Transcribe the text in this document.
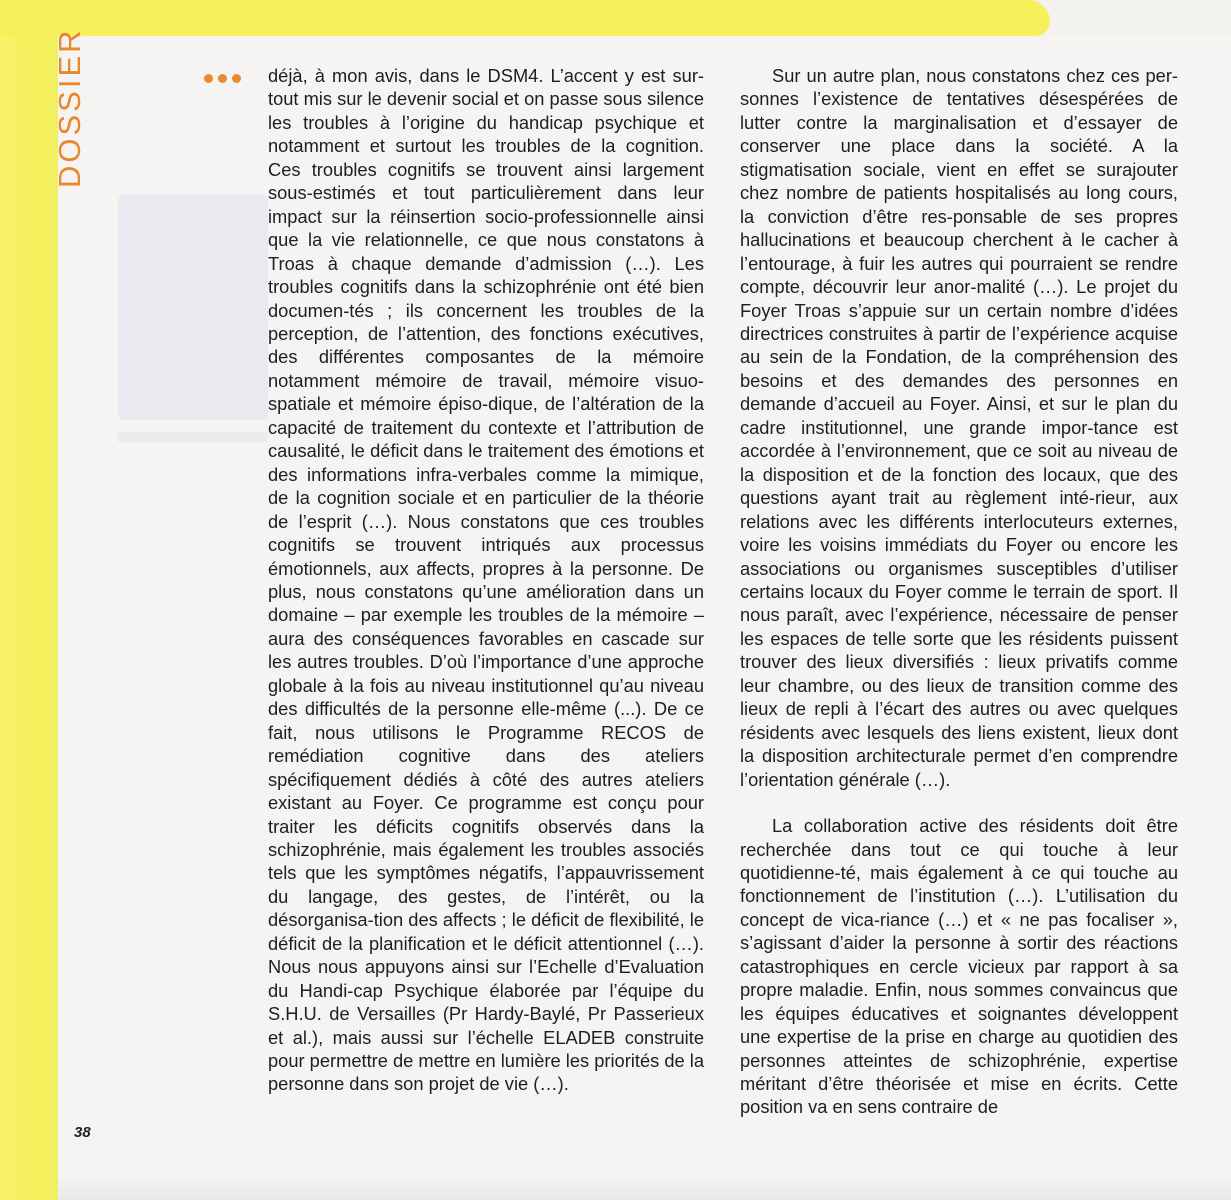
DOSSIER	déjà, à mon avis, dans le DSM4. L’accent y est sur-tout mis sur le devenir social et on passe sous silence les troubles à l’origine du handicap psychique et notamment et surtout les troubles de la cognition. Ces troubles cognitifs se trouvent ainsi largement sous-estimés et tout particulièrement dans leur impact sur la réinsertion socio-professionnelle ainsi que la vie relationnelle, ce que nous constatons à Troas à chaque demande d’admission (…). Les troubles cognitifs dans la schizophrénie ont été bien documen-tés ; ils concernent les troubles de la perception, de l’attention, des fonctions exécutives, des différentes composantes de la mémoire notamment mémoire de travail, mémoire visuo-spatiale et mémoire épiso-dique, de l’altération de la capacité de traitement du contexte et l’attribution de causalité, le déficit dans le traitement des émotions et des informations infra-verbales comme la mimique, de la cognition sociale et en particulier de la théorie de l’esprit (…). Nous constatons que ces troubles cognitifs se trouvent intriqués aux processus émotionnels, aux affects, propres à la personne. De plus, nous constatons qu’une amélioration dans un domaine – par exemple les troubles de la mémoire – aura des conséquences favorables en cascade sur les autres troubles. D’où l’importance d’une approche globale à la fois au niveau institutionnel qu’au niveau des difficultés de la personne elle-même (...). De ce fait, nous utilisons le Programme RECOS de remédiation cognitive dans des ateliers spécifiquement dédiés à côté des autres ateliers existant au Foyer. Ce programme est conçu pour traiter les déficits cognitifs observés dans la schizophrénie, mais également les troubles associés tels que les symptômes négatifs, l’appauvrissement du langage, des gestes, de l’intérêt, ou la désorganisa-tion des affects ; le déficit de flexibilité, le déficit de la planification et le déficit attentionnel (…). Nous nous appuyons ainsi sur l’Echelle d’Evaluation du Handi-cap Psychique élaborée par l’équipe du S.H.U. de Versailles (Pr Hardy-Baylé, Pr Passerieux et al.), mais aussi sur l’échelle ELADEB construite pour permettre de mettre en lumière les priorités de la personne dans son projet de vie (…).

Sur un autre plan, nous constatons chez ces per-sonnes l’existence de tentatives désespérées de lutter contre la marginalisation et d’essayer de conserver une place dans la société. A la stigmatisation sociale, vient en effet se surajouter chez nombre de patients hospitalisés au long cours, la conviction d’être res-ponsable de ses propres hallucinations et beaucoup cherchent à le cacher à l’entourage, à fuir les autres qui pourraient se rendre compte, découvrir leur anor-malité (…). Le projet du Foyer Troas s’appuie sur un certain nombre d’idées directrices construites à partir de l’expérience acquise au sein de la Fondation, de la compréhension des besoins et des demandes des personnes en demande d’accueil au Foyer. Ainsi, et sur le plan du cadre institutionnel, une grande impor-tance est accordée à l’environnement, que ce soit au niveau de la disposition et de la fonction des locaux, que des questions ayant trait au règlement inté-rieur, aux relations avec les différents interlocuteurs externes, voire les voisins immédiats du Foyer ou encore les associations ou organismes susceptibles d’utiliser certains locaux du Foyer comme le terrain de sport. Il nous paraît, avec l’expérience, nécessaire de penser les espaces de telle sorte que les résidents puissent trouver des lieux diversifiés : lieux privatifs comme leur chambre, ou des lieux de transition comme des lieux de repli à l’écart des autres ou avec quelques résidents avec lesquels des liens existent, lieux dont la disposition architecturale permet d’en comprendre l’orientation générale (…).

La collaboration active des résidents doit être recherchée dans tout ce qui touche à leur quotidienne-té, mais également à ce qui touche au fonctionnement de l’institution (…). L’utilisation du concept de vica-riance (…) et « ne pas focaliser », s’agissant d’aider la personne à sortir des réactions catastrophiques en cercle vicieux par rapport à sa propre maladie. Enfin, nous sommes convaincus que les équipes éducatives et soignantes développent une expertise de la prise en charge au quotidien des personnes atteintes de schizophrénie, expertise méritant d’être théorisée et mise en écrits. Cette position va en sens contraire de

38
